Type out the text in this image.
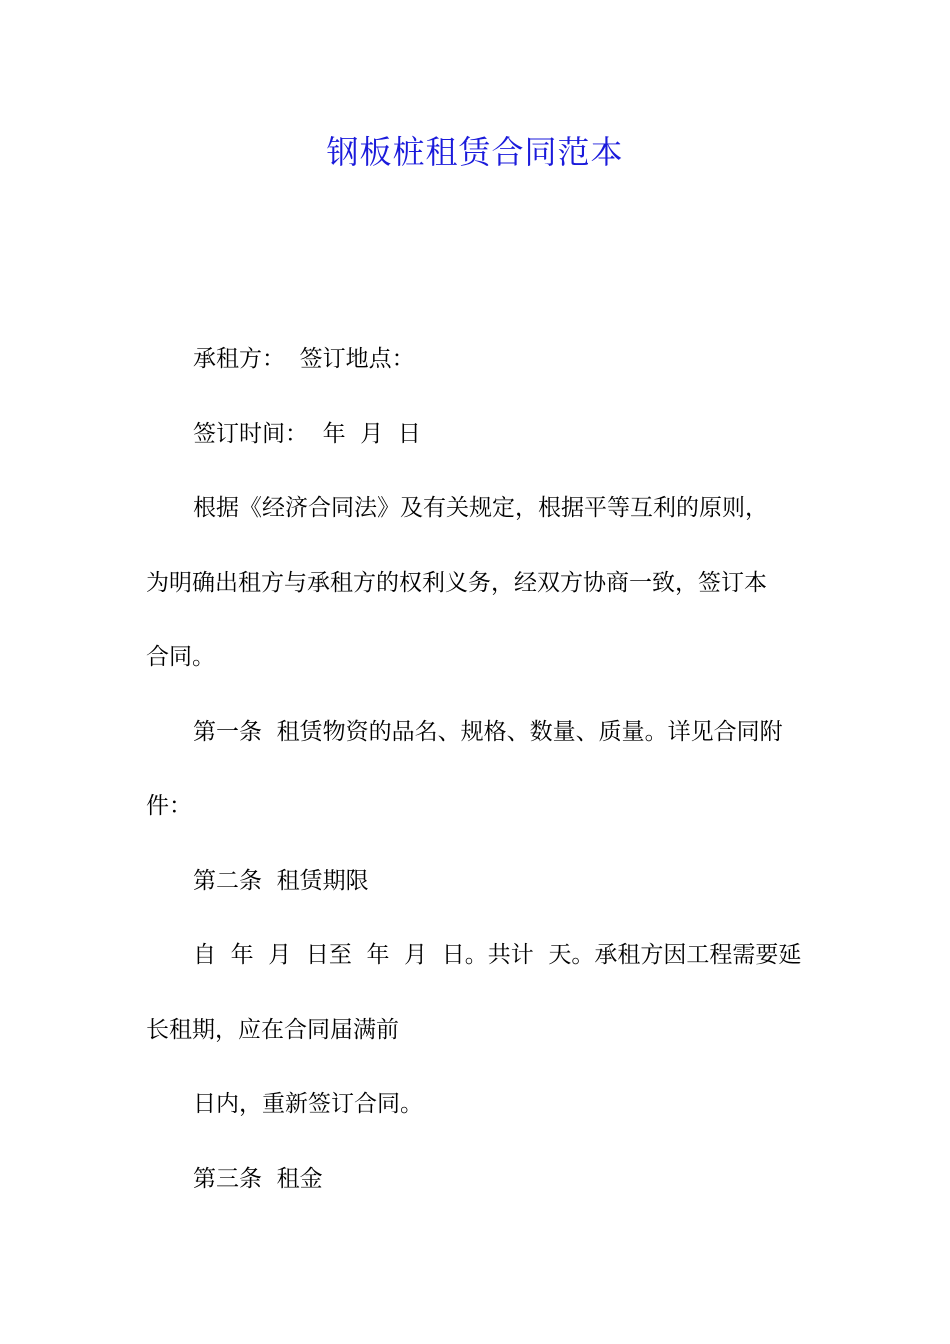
钢板桩租赁合同范本

承租方：  签订地点：

签订时间：  年  月  日

根据《经济合同法》及有关规定，根据平等互利的原则，

为明确出租方与承租方的权利义务，经双方协商一致，签订本

合同。

第一条  租赁物资的品名、规格、数量、质量。详见合同附

件：

第二条  租赁期限

自  年  月  日至  年  月  日。共计  天。承租方因工程需要延

长租期，应在合同届满前

日内，重新签订合同。

第三条  租金
